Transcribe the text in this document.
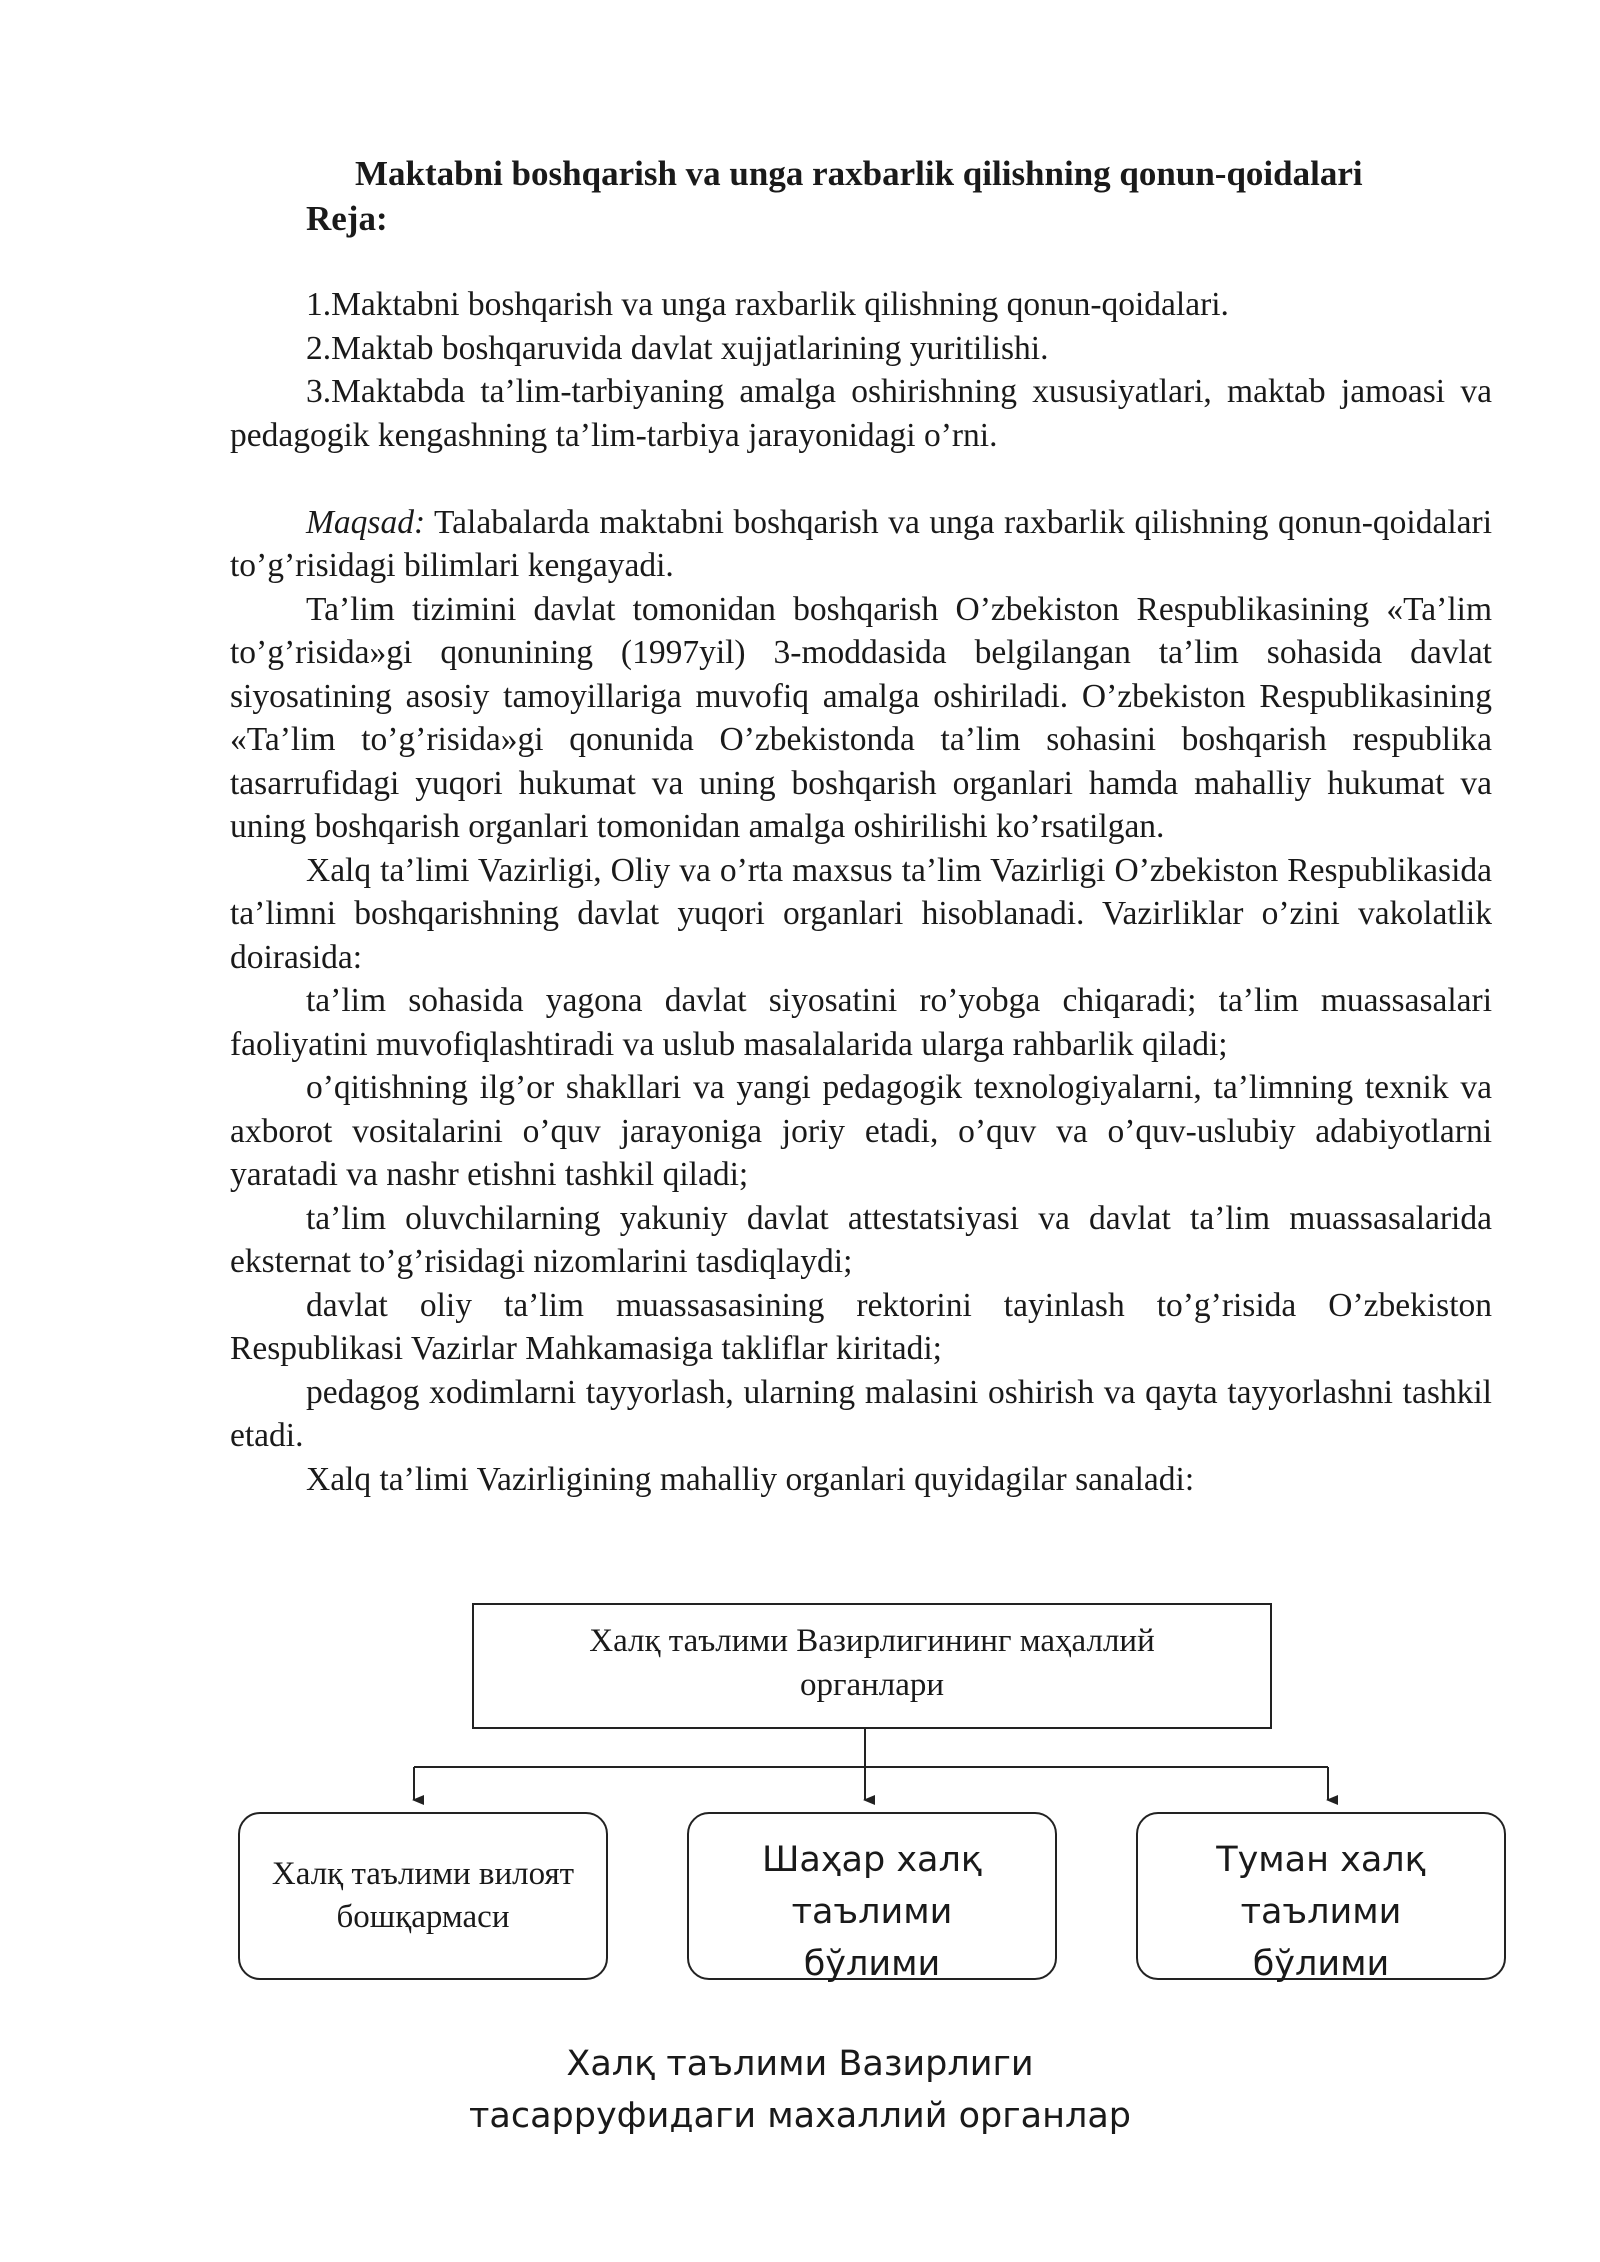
Maktabni boshqarish va unga raxbarlik qilishning qonun-qoidalari
Reja:

1.Maktabni boshqarish va unga raxbarlik qilishning qonun-qoidalari.

2.Maktab boshqaruvida davlat xujjatlarining yuritilishi.

3.Maktabda ta’lim-tarbiyaning amalga oshirishning xususiyatlari, maktab jamoasi va pedagogik kengashning ta’lim-tarbiya jarayonidagi o’rni.

Maqsad: Talabalarda maktabni boshqarish va unga raxbarlik qilishning qonun-qoidalari to’g’risidagi bilimlari kengayadi.

Ta’lim tizimini davlat tomonidan boshqarish O’zbekiston Respublikasining «Ta’lim to’g’risida»gi qonunining (1997yil) 3-moddasida belgilangan ta’lim sohasida davlat siyosatining asosiy tamoyillariga muvofiq amalga oshiriladi. O’zbekiston Respublikasining «Ta’lim to’g’risida»gi qonunida O’zbekistonda ta’lim sohasini boshqarish respublika tasarrufidagi yuqori hukumat va uning boshqarish organlari hamda mahalliy hukumat va uning boshqarish organlari tomonidan amalga oshirilishi ko’rsatilgan.

Xalq ta’limi Vazirligi, Oliy va o’rta maxsus ta’lim Vazirligi O’zbekiston Respublikasida ta’limni boshqarishning davlat yuqori organlari hisoblanadi. Vazirliklar o’zini vakolatlik doirasida:

ta’lim sohasida yagona davlat siyosatini ro’yobga chiqaradi; ta’lim muassasalari faoliyatini muvofiqlashtiradi va uslub masalalarida ularga rahbarlik qiladi;

o’qitishning ilg’or shakllari va yangi pedagogik texnologiyalarni, ta’limning texnik va axborot vositalarini o’quv jarayoniga joriy etadi, o’quv va o’quv-uslubiy adabiyotlarni yaratadi va nashr etishni tashkil qiladi;

ta’lim oluvchilarning yakuniy davlat attestatsiyasi va davlat ta’lim muassasalarida eksternat to’g’risidagi nizomlarini tasdiqlaydi;

davlat oliy ta’lim muassasasining rektorini tayinlash to’g’risida O’zbekiston Respublikasi Vazirlar Mahkamasiga takliflar kiritadi;

pedagog xodimlarni tayyorlash, ularning malasini oshirish va qayta tayyorlashni tashkil etadi.

Xalq ta’limi Vazirligining mahalliy organlari quyidagilar sanaladi:

Халқ таълими Вазирлигининг маҳаллий органлари
Халқ таълими вилоят бошқармаси
Шаҳар халқ таълими бўлими
Туман халқ таълими бўлими
Халқ таълими Вазирлиги
тасарруфидаги махаллий органлар
